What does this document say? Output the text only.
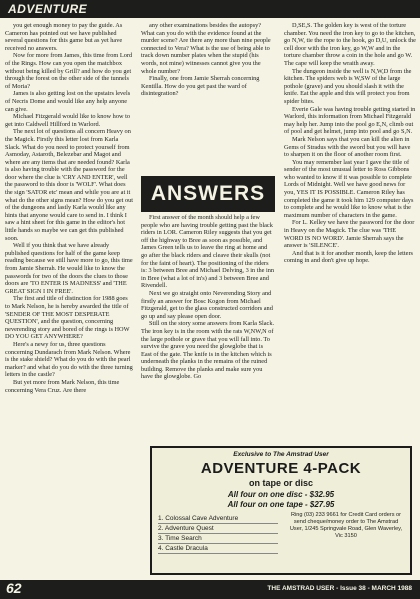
ADVENTURE

you get enough money to pay the guide. As Cameron has pointed out we have published several questions for this game but as yet have received no answers.

Now for more from James, this time from Lord of the Rings. How can you open the matchbox without being killed by Grill? and how do you get through the forest on the other side of the tunnels of Moria?

James is also getting lost on the upstairs levels of Necris Dome and would like any help anyone can give.

Michael Fitzgerald would like to know how to get into Caldwell Hillford in Warlord.

The next lot of questions all concern Heavy on the Magick. Firstly this letter lost from Karla Slack. What do you need to protect yourself from Asmoday, Astaroth, Belezebar and Magot and where are any items that are needed found? Karla is also having trouble with the password for the door where the clue is 'CRY AND ENTER', well the password to this door is 'WOLF'. What does the sign 'SATOR etc' mean and while you are at it what do the other signs mean? How do you get out of the dungeons and lastly Karla would like any hints that anyone would care to send in. I think I saw a hint sheet for this game in the editor's hot little hands so maybe we can get this published soon.

Well if you think that we have already published questions for half of the game keep reading because we still have more to go, this time from Jamie Sherrah. He would like to know the passwords for two of the doors the clues to those doors are 'TO ENTER IS MADNESS' and 'THE GREAT SIGN I IN FREE'.

The first and title of distinction for 1988 goes to Mark Nelson, he is hereby awarded the title of 'SENDER OF THE MOST DESPERATE QUESTION', and the question, concerning neverending story and bored of the rings is HOW DO YOU GET ANYWHERE?

Here's a newy for us, three questions concerning Dundarach from Mark Nelson. Where is the stake shield? What do you do with the pearl marker? and what do you do with the three turning letters in the castle?

But yet more from Mark Nelson, this time concerning Vera Cruz. Are there

any other examinations besides the autopsy? What can you do with the evidence found at the murder scene? Are there any more than nine people connected to Vera? What is the use of being able to track down number plates when the stupid (his words, not mine) witnesses cannot give you the whole number?

Finally, one from Jamie Sherrah concerning Kentilla. How do you get past the ward of disintegration?

ANSWERS

First answer of the month should help a few people who are having trouble getting past the black riders in LOR. Cameron Riley suggests that you get off the highway to Bree as soon as possible, and James Green tells us to leave the ring at home and go after the black riders and cleave their skulls (not for the faint of heart). The positioning of the riders is: 3 between Bree and Michael Delving, 3 in the inn in Bree (what a lot of in's) and 3 between Bree and Rivendell.

Next we go straight onto Neverending Story and firstly an answer for Bosc Kogon from Michael Fitzgerald, get to the glass constructed corridors and go up and say please open door.

Still on the story some answers from Karla Slack. The iron key is in the room with the rats W,NW,N of the large pothole or grave that you will fall into. To survive the grave you need the glowglobe that is East of the gate. The knife is in the kitchen which is underneath the planks in the remains of the ruined building. Remove the planks and make sure you have the glowglobe. Go

D,SE,S. The golden key is west of the torture chamber. You need the iron key to go to the kitchen, go N,W, tie the rope to the hook, go D,U, unlock the cell door with the iron key, go W,W and in the torture chamber throw a coin in the hole and go W. The cape will keep the wraith away.

The dungeon inside the well is N,W,D from the kitchen. The spiders web is W,SW of the large pothole (grave) and you should slash it with the knife. Eat the apple and this will protect you from spider bites.

Everie Gale was having trouble getting started in Warlord, this information from Michael Fitzgerald may help her. Jump into the pool go E,N, climb out of pool and get helmet, jump into pool and go S,N.

Mark Nelson says that you can kill the alien in Gems of Stradus with the sword but you will have to sharpen it on the floor of another room first.

You may remember last year I gave the title of sender of the most unusual letter to Ross Gibbons who wanted to know if it was possible to complete Lords of Midnight. Well we have good news for you, YES IT IS POSSIBLE. Cameron Riley has completed the game it took him 129 computer days to complete and he would like to know what is the maximum number of characters in the game.

For L. Kelley we have the password for the door in Heavy on the Magick. The clue was 'THE WORD IS NO WORD'. Jamie Sherrah says the answer is 'SILENCE'.

And that is it for another month, keep the letters coming in and don't give up hope.

Exclusive to The Amstrad User
ADVENTURE 4-PACK
on tape or disc
All four on one disc - $32.95
All four on one tape - $27.95
1. Colossal Cave Adventure
2. Adventure Quest
3. Time Search
4. Castle Dracula
Ring (03) 233 9661 for Credit Card orders or send cheque/money order to The Amstrad User, 1/245 Springvale Road, Glen Waverley, Vic 3150
62	THE AMSTRAD USER - Issue 38 - MARCH 1988
